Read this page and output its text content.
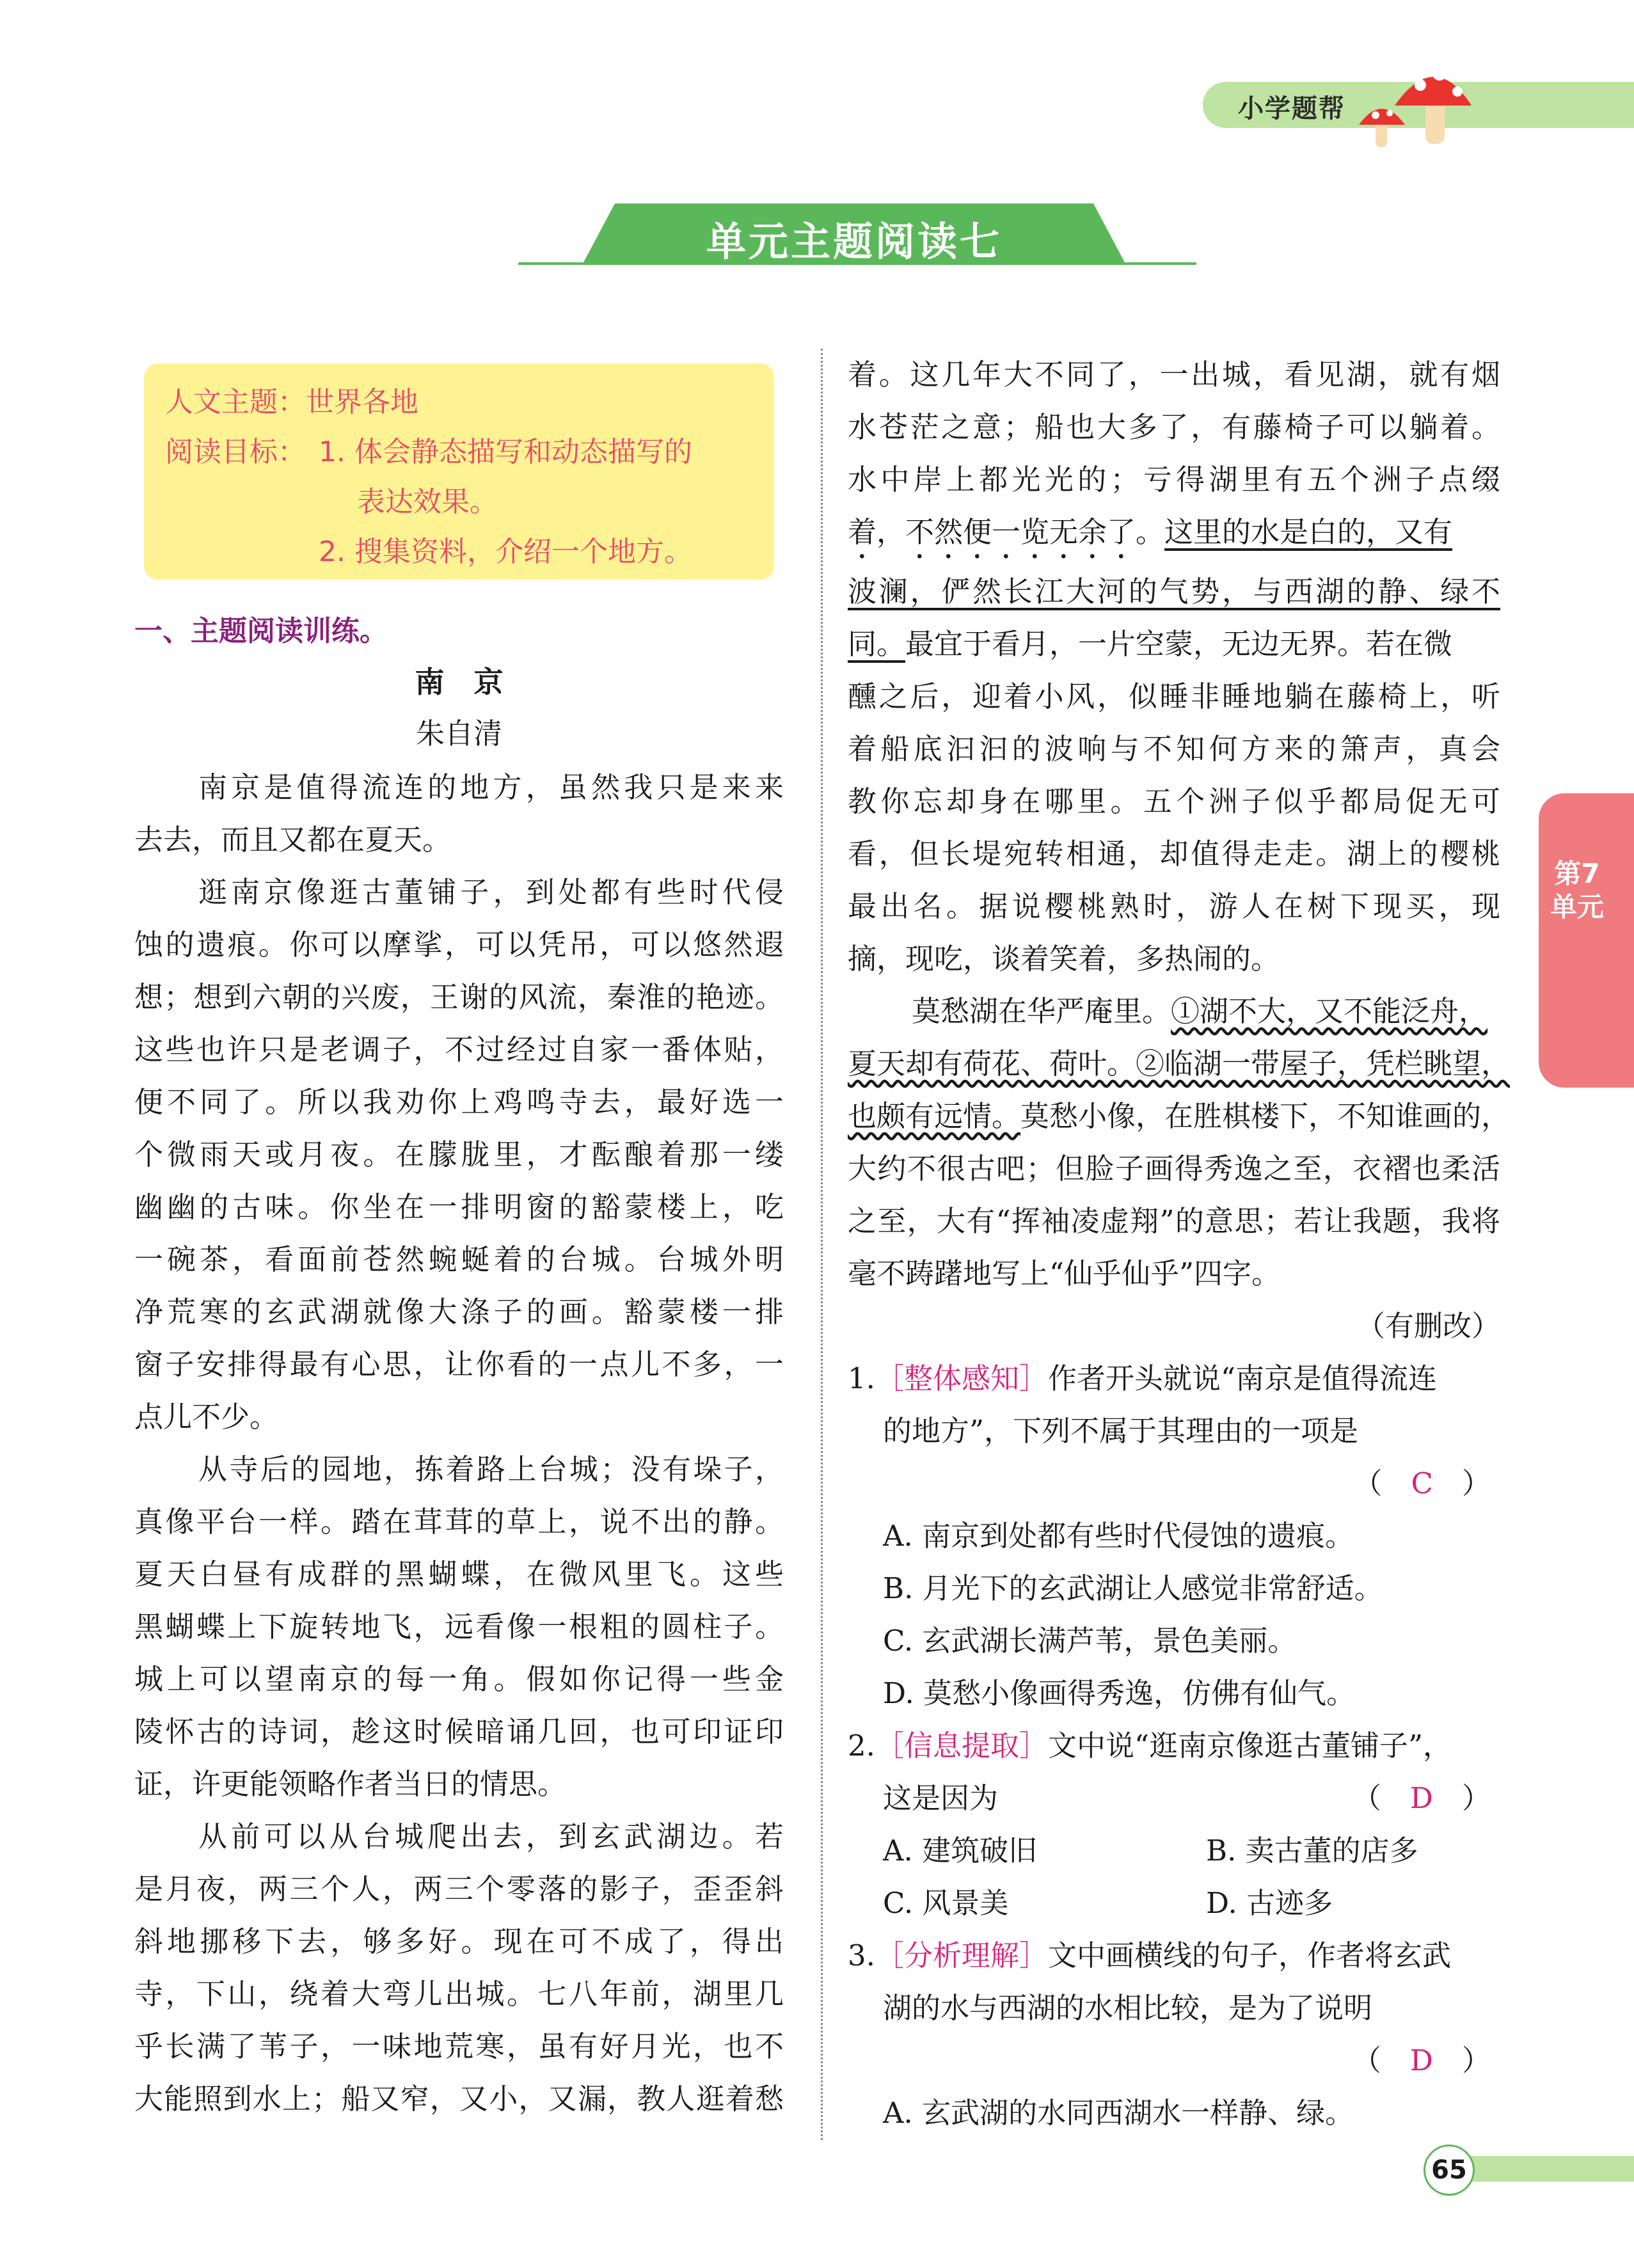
小学题帮
单元主题阅读七
人文主题：世界各地
阅读目标： 1. 体会静态描写和动态描写的
表达效果。
2. 搜集资料，介绍一个地方。
一、主题阅读训练。
南　京
朱自清
南京是值得流连的地方，虽然我只是来来
去去，而且又都在夏天。
逛南京像逛古董铺子，到处都有些时代侵
蚀的遗痕。你可以摩挲，可以凭吊，可以悠然遐
想；想到六朝的兴废，王谢的风流，秦淮的艳迹。
这些也许只是老调子，不过经过自家一番体贴，
便不同了。所以我劝你上鸡鸣寺去，最好选一
个微雨天或月夜。在朦胧里，才酝酿着那一缕
幽幽的古味。你坐在一排明窗的豁蒙楼上，吃
一碗茶，看面前苍然蜿蜒着的台城。台城外明
净荒寒的玄武湖就像大涤子的画。豁蒙楼一排
窗子安排得最有心思，让你看的一点儿不多，一
点儿不少。
从寺后的园地，拣着路上台城；没有垛子，
真像平台一样。踏在茸茸的草上，说不出的静。
夏天白昼有成群的黑蝴蝶，在微风里飞。这些
黑蝴蝶上下旋转地飞，远看像一根粗的圆柱子。
城上可以望南京的每一角。假如你记得一些金
陵怀古的诗词，趁这时候暗诵几回，也可印证印
证，许更能领略作者当日的情思。
从前可以从台城爬出去，到玄武湖边。若
是月夜，两三个人，两三个零落的影子，歪歪斜
斜地挪移下去，够多好。现在可不成了，得出
寺，下山，绕着大弯儿出城。七八年前，湖里几
乎长满了苇子，一味地荒寒，虽有好月光，也不
大能照到水上；船又窄，又小，又漏，教人逛着愁
着。这几年大不同了，一出城，看见湖，就有烟
水苍茫之意；船也大多了，有藤椅子可以躺着。
水中岸上都光光的；亏得湖里有五个洲子点缀
着，不然便一览无余了。这里的水是白的，又有
波澜，俨然长江大河的气势，与西湖的静、绿不
同。最宜于看月，一片空蒙，无边无界。若在微
醺之后，迎着小风，似睡非睡地躺在藤椅上，听
着船底汩汩的波响与不知何方来的箫声，真会
教你忘却身在哪里。五个洲子似乎都局促无可
看，但长堤宛转相通，却值得走走。湖上的樱桃
最出名。据说樱桃熟时，游人在树下现买，现
摘，现吃，谈着笑着，多热闹的。
莫愁湖在华严庵里。①湖不大，又不能泛舟，
夏天却有荷花、荷叶。②临湖一带屋子，凭栏眺望，
也颇有远情。莫愁小像，在胜棋楼下，不知谁画的，
大约不很古吧；但脸子画得秀逸之至，衣褶也柔活
之至，大有“挥袖凌虚翔”的意思；若让我题，我将
毫不踌躇地写上“仙乎仙乎”四字。
（有删改）
1.［整体感知］作者开头就说“南京是值得流连
的地方”，下列不属于其理由的一项是
（　C　）
A. 南京到处都有些时代侵蚀的遗痕。
B. 月光下的玄武湖让人感觉非常舒适。
C. 玄武湖长满芦苇，景色美丽。
D. 莫愁小像画得秀逸，仿佛有仙气。
2.［信息提取］文中说“逛南京像逛古董铺子”，
这是因为	（　D　）
A. 建筑破旧	B. 卖古董的店多
C. 风景美	D. 古迹多
3.［分析理解］文中画横线的句子，作者将玄武
湖的水与西湖的水相比较，是为了说明
（　D　）
A. 玄武湖的水同西湖水一样静、绿。
第7
单元
65
